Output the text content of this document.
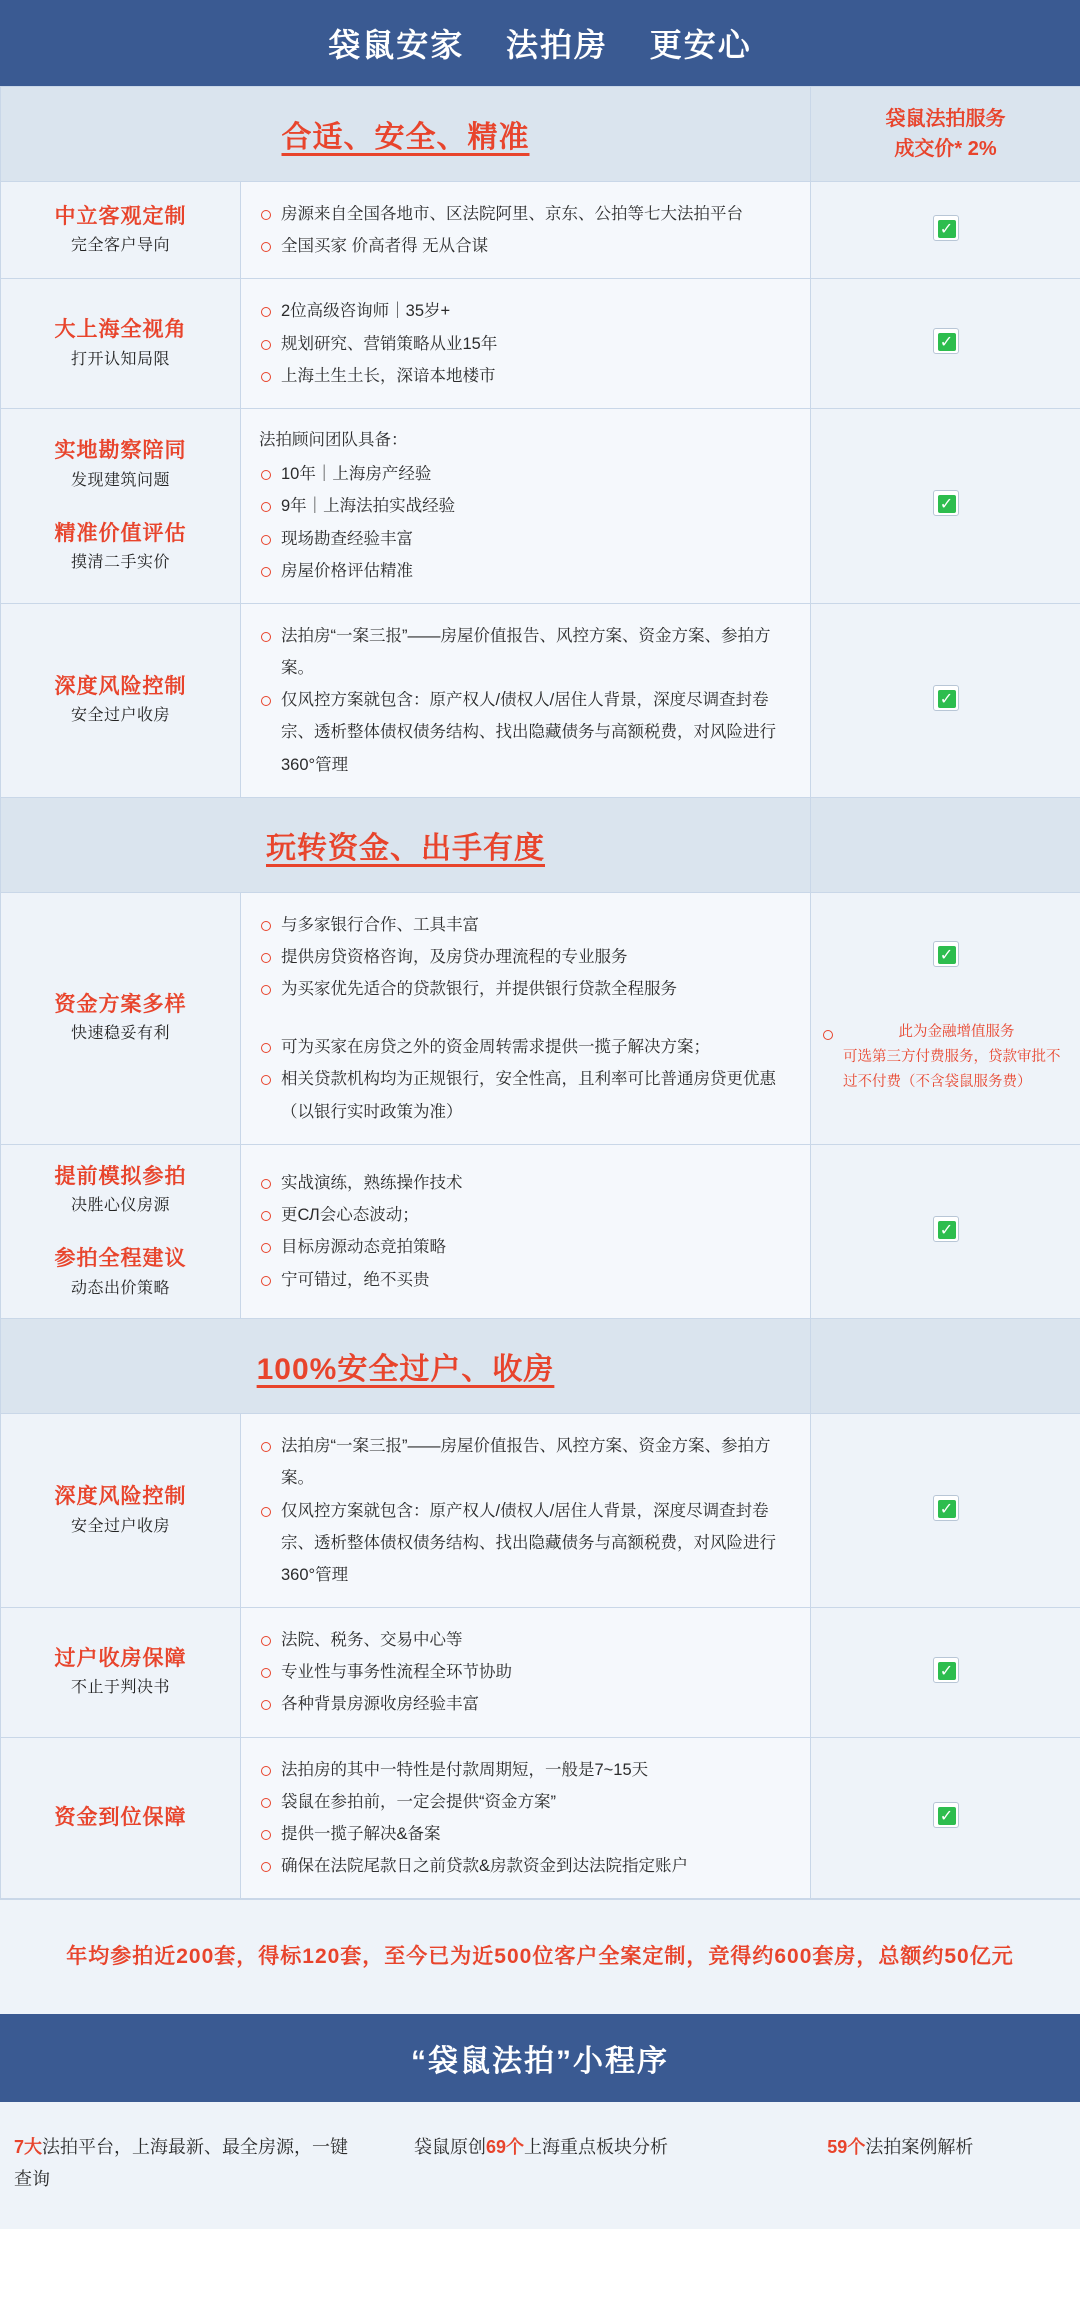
袋鼠安家 法拍房 更安心
合适、安全、精准		袋鼠法拍服务
成交价* 2%

中立客观定制
完全客户导向

房源来自全国各地市、区法院阿里、京东、公拍等七大法拍平台
全国买家 价高者得 无从合谋
	✓

大上海全视角
打开认知局限

2位高级咨询师｜35岁+
规划研究、营销策略从业15年
上海土生土长，深谙本地楼市
	✓

实地勘察陪同
发现建筑问题
精准价值评估
摸清二手实价

法拍顾问团队具备：
10年｜上海房产经验
9年｜上海法拍实战经验
现场勘查经验丰富
房屋价格评估精准
	✓

深度风险控制
安全过户收房

法拍房“一案三报”——房屋价值报告、风控方案、资金方案、参拍方案。
仅风控方案就包含：原产权人/债权人/居住人背景，深度尽调查封卷宗、透析整体债权债务结构、找出隐藏债务与高额税费，对风险进行360°管理
	✓
玩转资金、出手有度		

资金方案多样
快速稳妥有利

与多家银行合作、工具丰富
提供房贷资格咨询，及房贷办理流程的专业服务
为买家优先适合的贷款银行，并提供银行贷款全程服务
可为买家在房贷之外的资金周转需求提供一揽子解决方案；
相关贷款机构均为正规银行，安全性高，且利率可比普通房贷更优惠（以银行实时政策为准）

✓
此为金融增值服务
可选第三方付费服务，贷款审批不过不付费（不含袋鼠服务费）

提前模拟参拍
决胜心仪房源
参拍全程建议
动态出价策略

实战演练，熟练操作技术
更СЛ会心态波动；
目标房源动态竞拍策略
宁可错过，绝不买贵
	✓
100%安全过户、收房		

深度风险控制
安全过户收房

法拍房“一案三报”——房屋价值报告、风控方案、资金方案、参拍方案。
仅风控方案就包含：原产权人/债权人/居住人背景，深度尽调查封卷宗、透析整体债权债务结构、找出隐藏债务与高额税费，对风险进行360°管理
	✓

过户收房保障
不止于判决书

法院、税务、交易中心等
专业性与事务性流程全环节协助
各种背景房源收房经验丰富
	✓

资金到位保障

法拍房的其中一特性是付款周期短，一般是7~15天
袋鼠在参拍前，一定会提供“资金方案”
提供一揽子解决&备案
确保在法院尾款日之前贷款&房款资金到达法院指定账户
	✓
年均参拍近200套，得标120套，至今已为近500位客户全案定制，竞得约600套房，总额约50亿元
“袋鼠法拍”小程序
7大法拍平台，上海最新、最全房源，一键查询
袋鼠原创69个上海重点板块分析	59个法拍案例解析
